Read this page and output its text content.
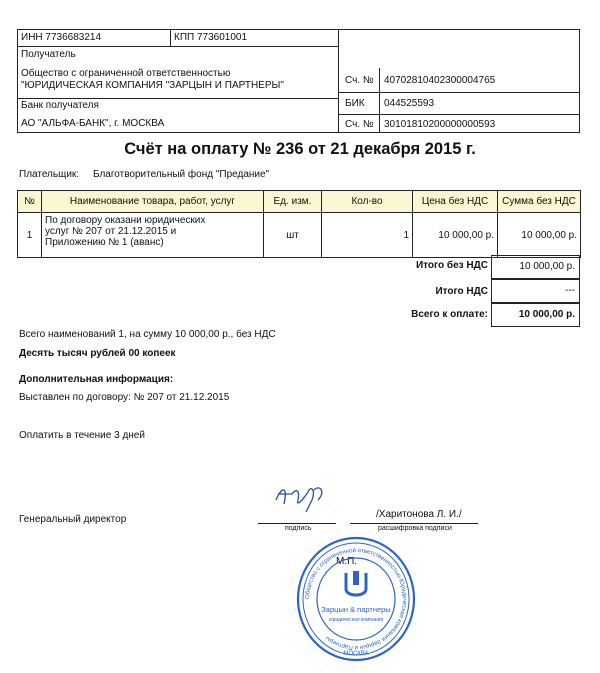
ИНН 7736683214	КПП 773601001
Получатель
Общество с ограниченной ответственностью
"ЮРИДИЧЕСКАЯ КОМПАНИЯ "ЗАРЦЫН И ПАРТНЕРЫ"	Сч. № 40702810402300004765
Банк получателя
АО "АЛЬФА-БАНК", г. МОСКВА
БИК 044525593
Сч. № 30101810200000000593
Счёт на оплату № 236 от 21 декабря 2015 г.
Плательщик: Благотворительный фонд "Предание"
№	Наименование товара, работ, услуг	Ед. изм.	Кол-во	Цена без НДС	Сумма без НДС
1	По договору оказани юридических
услуг № 207 от 21.12.2015 и
Приложению № 1 (аванс)	шт	1	10 000,00 р.	10 000,00 р.
Итого без НДС	10 000,00 р.
Итого НДС	---
Всего к оплате:	10 000,00 р.
Всего наименований 1, на сумму 10 000,00 р., без НДС
Десять тысяч рублей 00 копеек
Дополнительная информация:
Выставлен по договору: № 207 от 21.12.2015
Оплатить в течение 3 дней
Генеральный директор	/Харитонова Л. И./
подпись	расшифровка подписи
М.П.
Общество с ограниченной ответственностью Юридическая компания Зарцын и Партнеры
МОСКВА
Зарцын & партнеры
юридическая компания
